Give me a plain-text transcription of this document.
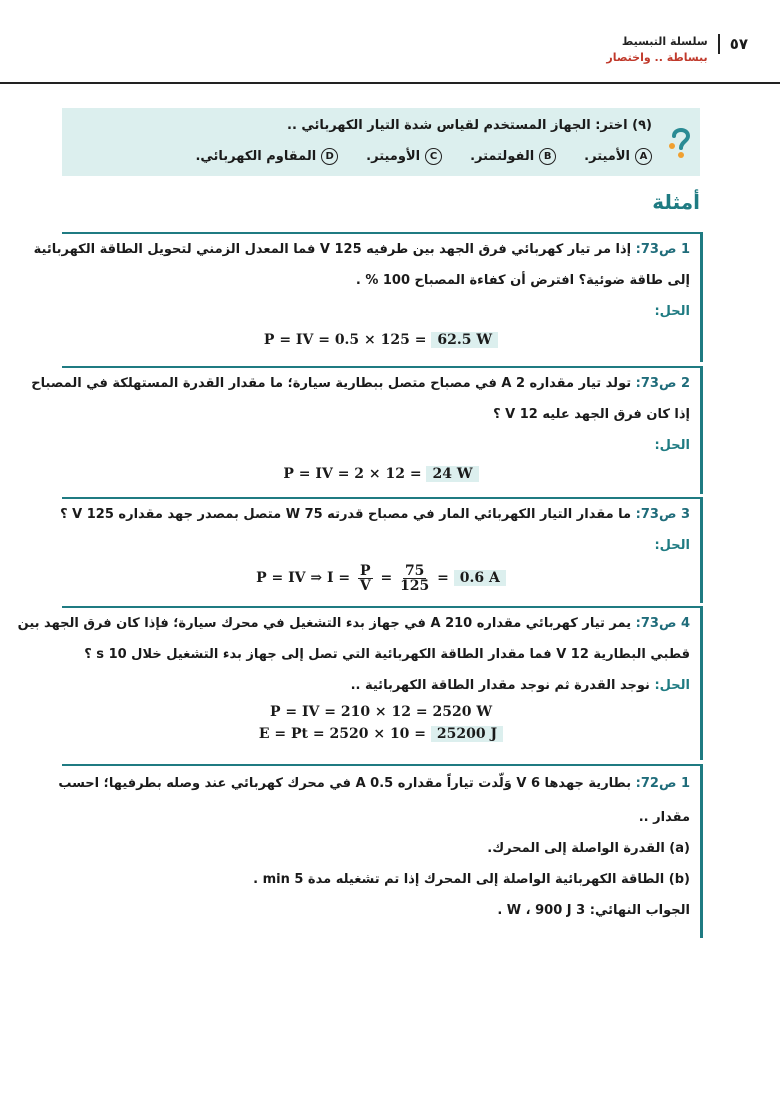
٥٧
سلسلة التبسيط
ببساطة .. واختصار
(٩) اختر: الجهاز المستخدم لقياس شدة التيار الكهربائي ..
A
الأميتر.
B
الفولتمتر.
C
الأوميتر.
D
المقاوم الكهربائي.
أمثلة
1 ص73: إذا مر تيار كهربائي فرق الجهد بين طرفيه 125 V فما المعدل الزمني لتحويل الطاقة الكهربائية
إلى طاقة ضوئية؟ افترض أن كفاءة المصباح 100 % .
الحل:
P = IV = 0.5 × 125 = 62.5 W
2 ص73: تولد تيار مقداره 2 A في مصباح متصل ببطارية سيارة؛ ما مقدار القدرة المستهلكة في المصباح
إذا كان فرق الجهد عليه 12 V ؟
الحل:
P = IV = 2 × 12 = 24 W
3 ص73: ما مقدار التيار الكهربائي المار في مصباح قدرته 75 W متصل بمصدر جهد مقداره 125 V ؟
الحل:
P = IV ⇒ $I = \frac{P}{V} = \frac{75}{125} = 0.6$ A
4 ص73: يمر تيار كهربائي مقداره 210 A في جهاز بدء التشغيل في محرك سيارة؛ فإذا كان فرق الجهد بين
قطبي البطارية 12 V فما مقدار الطاقة الكهربائية التي تصل إلى جهاز بدء التشغيل خلال 10 s ؟
الحل: نوجد القدرة ثم نوجد مقدار الطاقة الكهربائية ..
P = IV = 210 × 12 = 2520 W
E = Pt = 2520 × 10 = 25200 J
1 ص72: بطارية جهدها 6 V وَلّدت تياراً مقداره 0.5 A في محرك كهربائي عند وصله بطرفيها؛ احسب
مقدار ..
(a) القدرة الواصلة إلى المحرك.
(b) الطاقة الكهربائية الواصلة إلى المحرك إذا تم تشغيله مدة 5 min .
الجواب النهائي: 3 W ، 900 J .
